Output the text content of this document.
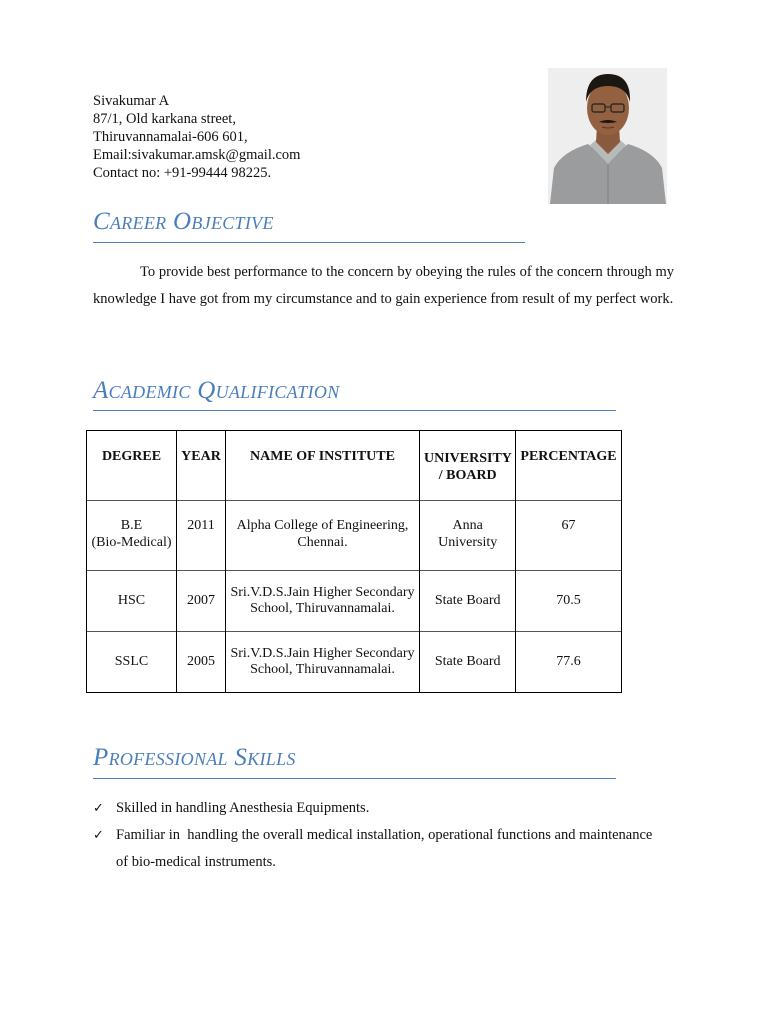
Sivakumar A
87/1, Old karkana street,
Thiruvannamalai-606 601,
Email:sivakumar.amsk@gmail.com
Contact no: +91-99444 98225.
Career Objective

To provide best performance to the concern by obeying the rules of the concern through my knowledge I have got from my circumstance and to gain experience from result of my perfect work.

Academic Qualification
DEGREE	YEAR	NAME OF INSTITUTE	UNIVERSITY / BOARD	PERCENTAGE
B.E
(Bio-Medical)	2011	Alpha College of Engineering, Chennai.	Anna University	67
HSC	2007	Sri.V.D.S.Jain Higher Secondary School, Thiruvannamalai.	State Board	70.5
SSLC	2005	Sri.V.D.S.Jain Higher Secondary School, Thiruvannamalai.	State Board	77.6
Professional Skills
✓ Skilled in handling Anesthesia Equipments.
✓ Familiar in  handling the overall medical installation, operational functions and maintenance of bio-medical instruments.
